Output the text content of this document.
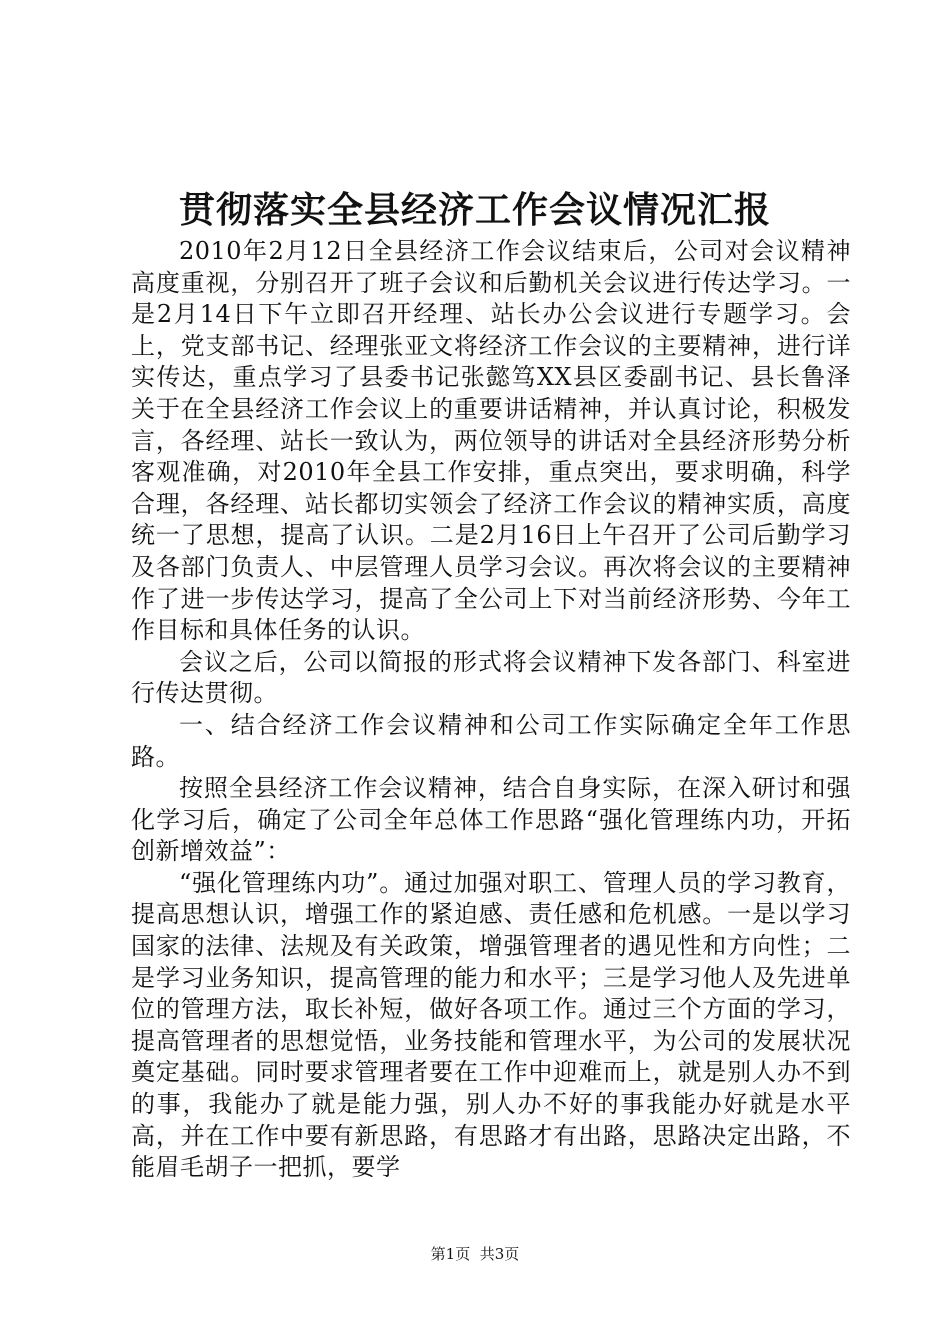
贯彻落实全县经济工作会议情况汇报

2010年2月12日全县经济工作会议结束后，公司对会议精神高度重视，分别召开了班子会议和后勤机关会议进行传达学习。一是2月14日下午立即召开经理、站长办公会议进行专题学习。会上，党支部书记、经理张亚文将经济工作会议的主要精神，进行详实传达，重点学习了县委书记张懿笃XX县区委副书记、县长鲁泽关于在全县经济工作会议上的重要讲话精神，并认真讨论，积极发言，各经理、站长一致认为，两位领导的讲话对全县经济形势分析客观准确，对2010年全县工作安排，重点突出，要求明确，科学合理，各经理、站长都切实领会了经济工作会议的精神实质，高度统一了思想，提高了认识。二是2月16日上午召开了公司后勤学习及各部门负责人、中层管理人员学习会议。再次将会议的主要精神作了进一步传达学习，提高了全公司上下对当前经济形势、今年工作目标和具体任务的认识。

会议之后，公司以简报的形式将会议精神下发各部门、科室进行传达贯彻。

一、结合经济工作会议精神和公司工作实际确定全年工作思路。

按照全县经济工作会议精神，结合自身实际，在深入研讨和强化学习后，确定了公司全年总体工作思路“强化管理练内功，开拓创新增效益”：

“强化管理练内功”。通过加强对职工、管理人员的学习教育，提高思想认识，增强工作的紧迫感、责任感和危机感。一是以学习国家的法律、法规及有关政策，增强管理者的遇见性和方向性；二是学习业务知识，提高管理的能力和水平；三是学习他人及先进单位的管理方法，取长补短，做好各项工作。通过三个方面的学习，提高管理者的思想觉悟，业务技能和管理水平，为公司的发展状况奠定基础。同时要求管理者要在工作中迎难而上，就是别人办不到的事，我能办了就是能力强，别人办不好的事我能办好就是水平高，并在工作中要有新思路，有思路才有出路，思路决定出路，不能眉毛胡子一把抓，要学

第1页 共3页
